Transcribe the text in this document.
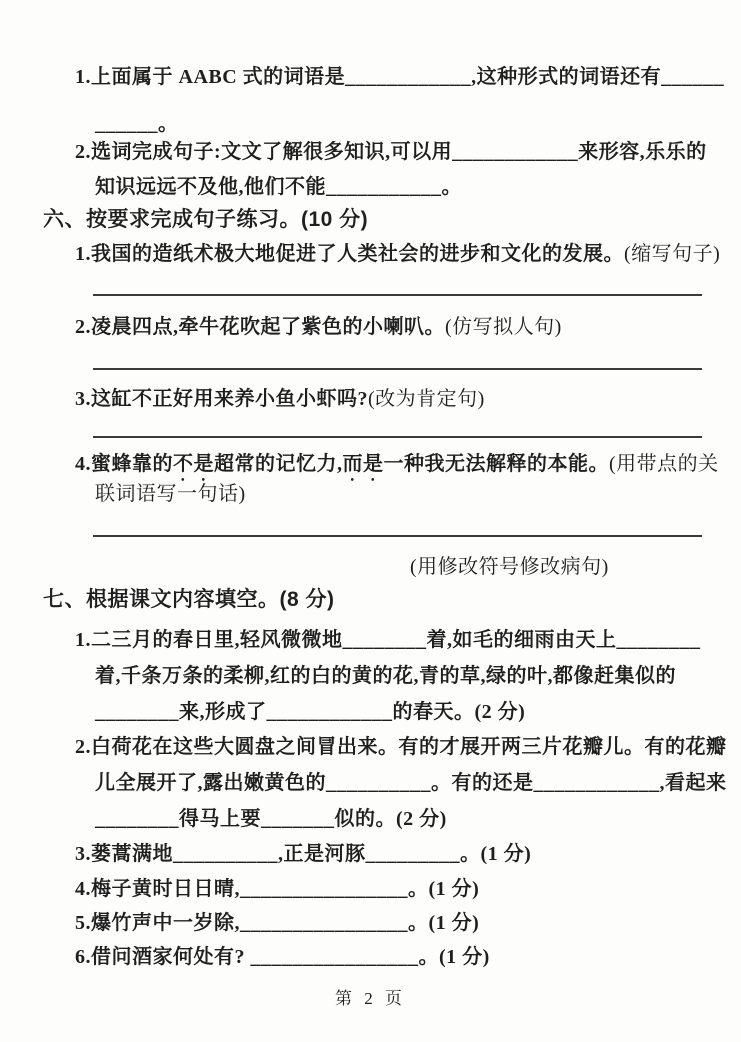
1.上面属于 AABC 式的词语是____________,这种形式的词语还有______
______。
2.选词完成句子:文文了解很多知识,可以用____________来形容,乐乐的
知识远远不及他,他们不能___________。
六、按要求完成句子练习。(10 分)
1.我国的造纸术极大地促进了人类社会的进步和文化的发展。(缩写句子)
2.凌晨四点,牵牛花吹起了紫色的小喇叭。(仿写拟人句)
3.这缸不正好用来养小鱼小虾吗?(改为肯定句)
4.蜜蜂靠的不是超常的记忆力,而是一种我无法解释的本能。(用带点的关
联词语写一句话)
(用修改符号修改病句)
七、根据课文内容填空。(8 分)
1.二三月的春日里,轻风微微地________着,如毛的细雨由天上________
着,千条万条的柔柳,红的白的黄的花,青的草,绿的叶,都像赶集似的
________来,形成了____________的春天。(2 分)
2.白荷花在这些大圆盘之间冒出来。有的才展开两三片花瓣儿。有的花瓣
儿全展开了,露出嫩黄色的__________。有的还是____________,看起来
________得马上要_______似的。(2 分)
3.蒌蒿满地__________,正是河豚_________。(1 分)
4.梅子黄时日日晴,________________。(1 分)
5.爆竹声中一岁除,________________。(1 分)
6.借问酒家何处有? ________________。(1 分)
第 2 页
